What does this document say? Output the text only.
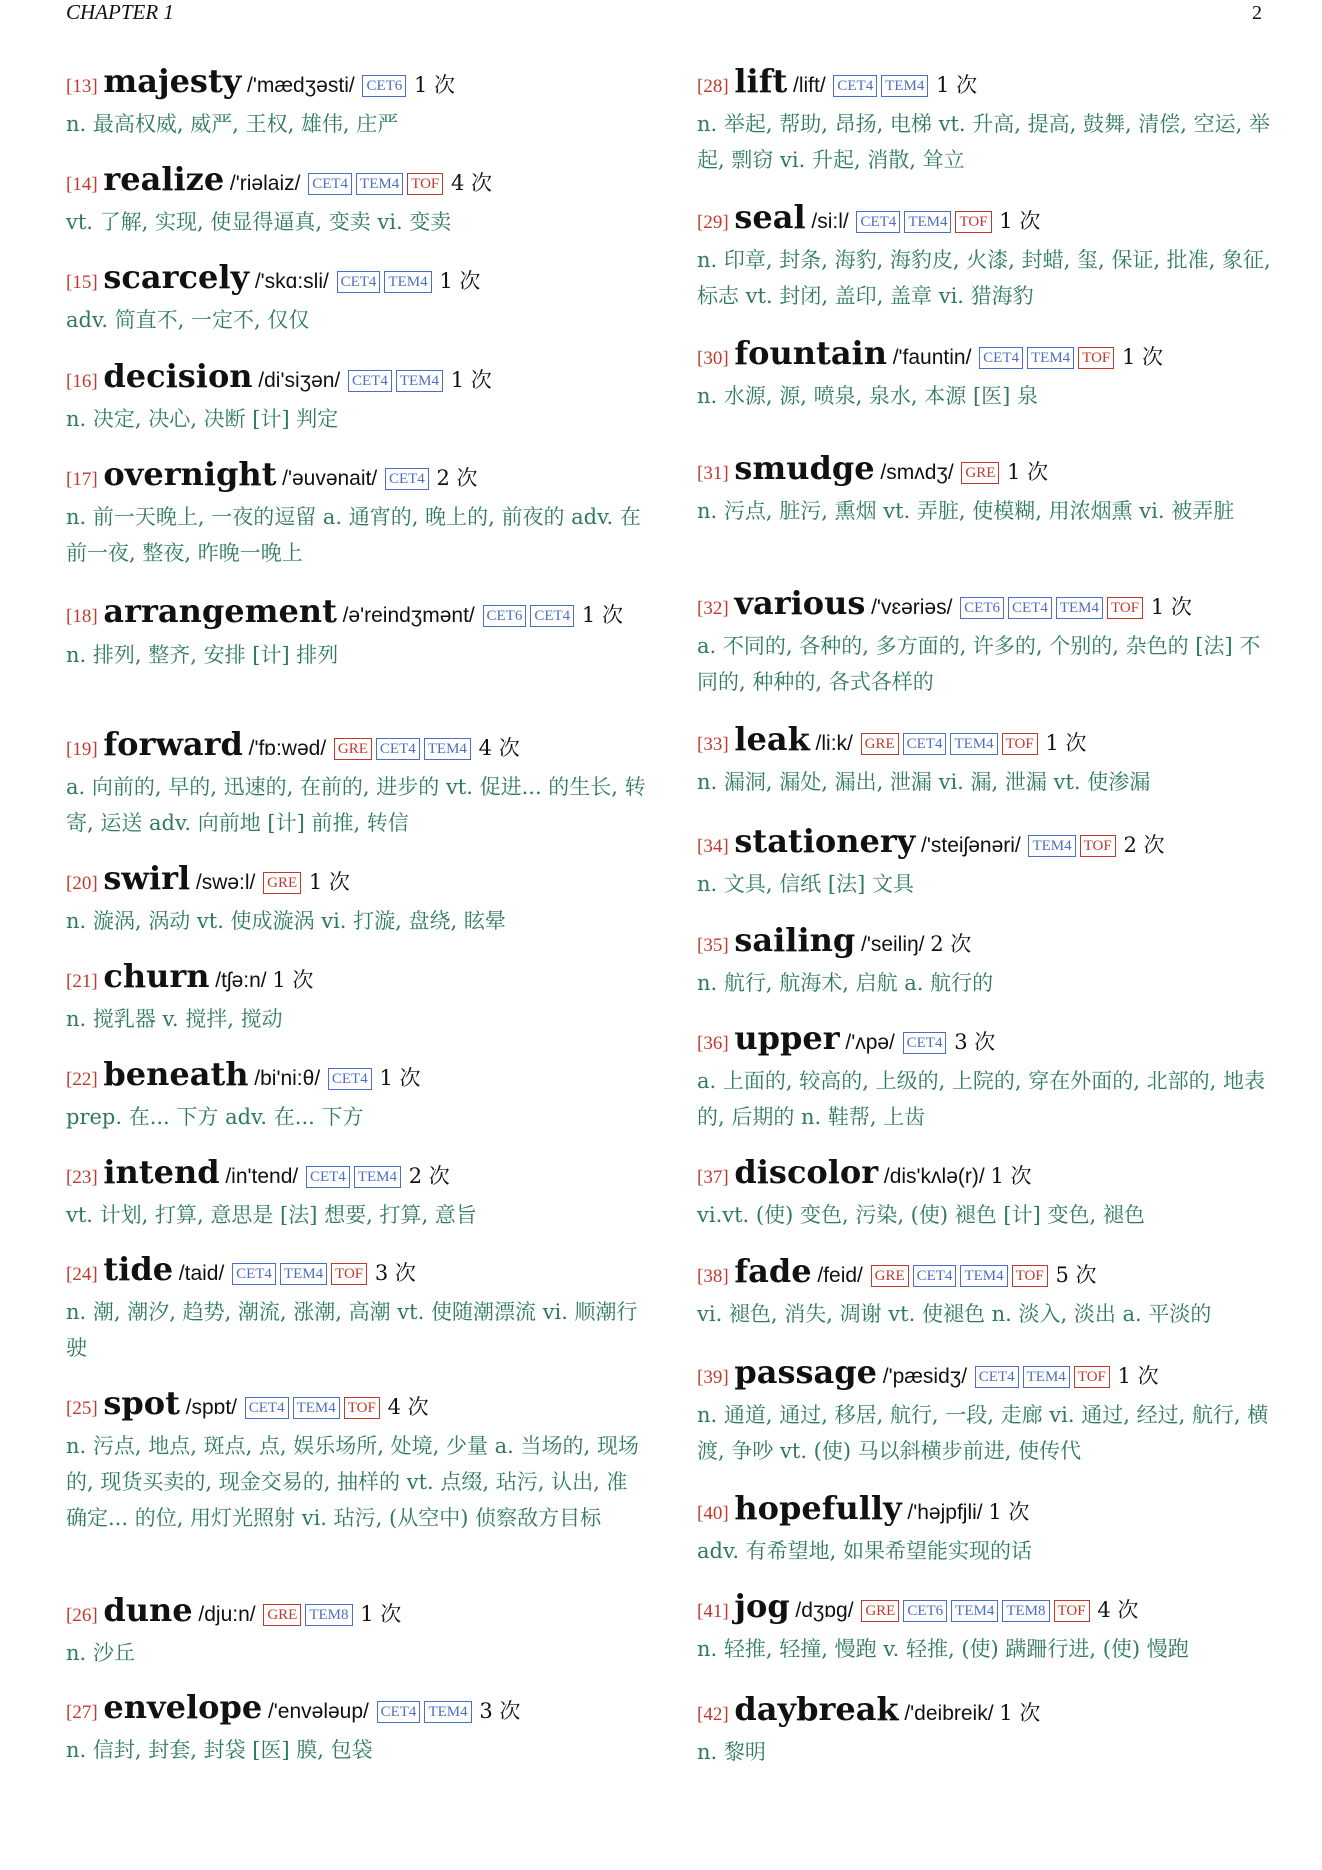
CHAPTER 1	2
[13] majesty /'mædʒəsti/ CET6 1 次
n. 最高权威, 威严, 王权, 雄伟, 庄严
[14] realize /'riəlaiz/ CET4 TEM4 TOF 4 次
vt. 了解, 实现, 使显得逼真, 变卖 vi. 变卖
[15] scarcely /'skɑ:sli/ CET4 TEM4 1 次
adv. 简直不, 一定不, 仅仅
[16] decision /di'siʒən/ CET4 TEM4 1 次
n. 决定, 决心, 决断 [计] 判定
[17] overnight /'əuvənait/ CET4 2 次
n. 前一天晚上, 一夜的逗留 a. 通宵的, 晚上的, 前夜的 adv. 在前一夜, 整夜, 昨晚一晚上
[18] arrangement /ə'reindʒmənt/ CET6 CET4 1 次
n. 排列, 整齐, 安排 [计] 排列
[19] forward /'fɒ:wəd/ GRE CET4 TEM4 4 次
a. 向前的, 早的, 迅速的, 在前的, 进步的 vt. 促进... 的生长, 转寄, 运送 adv. 向前地 [计] 前推, 转信
[20] swirl /swə:l/ GRE 1 次
n. 漩涡, 涡动 vt. 使成漩涡 vi. 打漩, 盘绕, 眩晕
[21] churn /tʃə:n/ 1 次
n. 搅乳器 v. 搅拌, 搅动
[22] beneath /bi'ni:θ/ CET4 1 次
prep. 在... 下方 adv. 在... 下方
[23] intend /in'tend/ CET4 TEM4 2 次
vt. 计划, 打算, 意思是 [法] 想要, 打算, 意旨
[24] tide /taid/ CET4 TEM4 TOF 3 次
n. 潮, 潮汐, 趋势, 潮流, 涨潮, 高潮 vt. 使随潮漂流 vi. 顺潮行驶
[25] spot /spɒt/ CET4 TEM4 TOF 4 次
n. 污点, 地点, 斑点, 点, 娱乐场所, 处境, 少量 a. 当场的, 现场的, 现货买卖的, 现金交易的, 抽样的 vt. 点缀, 玷污, 认出, 准确定... 的位, 用灯光照射 vi. 玷污, (从空中) 侦察敌方目标
[26] dune /dju:n/ GRE TEM8 1 次
n. 沙丘
[27] envelope /'envələup/ CET4 TEM4 3 次
n. 信封, 封套, 封袋 [医] 膜, 包袋
[28] lift /lift/ CET4 TEM4 1 次
n. 举起, 帮助, 昂扬, 电梯 vt. 升高, 提高, 鼓舞, 清偿, 空运, 举起, 剽窃 vi. 升起, 消散, 耸立
[29] seal /si:l/ CET4 TEM4 TOF 1 次
n. 印章, 封条, 海豹, 海豹皮, 火漆, 封蜡, 玺, 保证, 批准, 象征, 标志 vt. 封闭, 盖印, 盖章 vi. 猎海豹
[30] fountain /'fauntin/ CET4 TEM4 TOF 1 次
n. 水源, 源, 喷泉, 泉水, 本源 [医] 泉
[31] smudge /smʌdʒ/ GRE 1 次
n. 污点, 脏污, 熏烟 vt. 弄脏, 使模糊, 用浓烟熏 vi. 被弄脏
[32] various /'vɛəriəs/ CET6 CET4 TEM4 TOF 1 次
a. 不同的, 各种的, 多方面的, 许多的, 个别的, 杂色的 [法] 不同的, 种种的, 各式各样的
[33] leak /li:k/ GRE CET4 TEM4 TOF 1 次
n. 漏洞, 漏处, 漏出, 泄漏 vi. 漏, 泄漏 vt. 使渗漏
[34] stationery /'steiʃənəri/ TEM4 TOF 2 次
n. 文具, 信纸 [法] 文具
[35] sailing /'seiliŋ/ 2 次
n. 航行, 航海术, 启航 a. 航行的
[36] upper /'ʌpə/ CET4 3 次
a. 上面的, 较高的, 上级的, 上院的, 穿在外面的, 北部的, 地表的, 后期的 n. 鞋帮, 上齿
[37] discolor /dis'kʌlə(r)/ 1 次
vi.vt. (使) 变色, 污染, (使) 褪色 [计] 变色, 褪色
[38] fade /feid/ GRE CET4 TEM4 TOF 5 次
vi. 褪色, 消失, 凋谢 vt. 使褪色 n. 淡入, 淡出 a. 平淡的
[39] passage /'pæsidʒ/ CET4 TEM4 TOF 1 次
n. 通道, 通过, 移居, 航行, 一段, 走廊 vi. 通过, 经过, 航行, 横渡, 争吵 vt. (使) 马以斜横步前进, 使传代
[40] hopefully /'həjpfjli/ 1 次
adv. 有希望地, 如果希望能实现的话
[41] jog /dʒɒg/ GRE CET6 TEM4 TEM8 TOF 4 次
n. 轻推, 轻撞, 慢跑 v. 轻推, (使) 蹒跚行进, (使) 慢跑
[42] daybreak /'deibreik/ 1 次
n. 黎明
